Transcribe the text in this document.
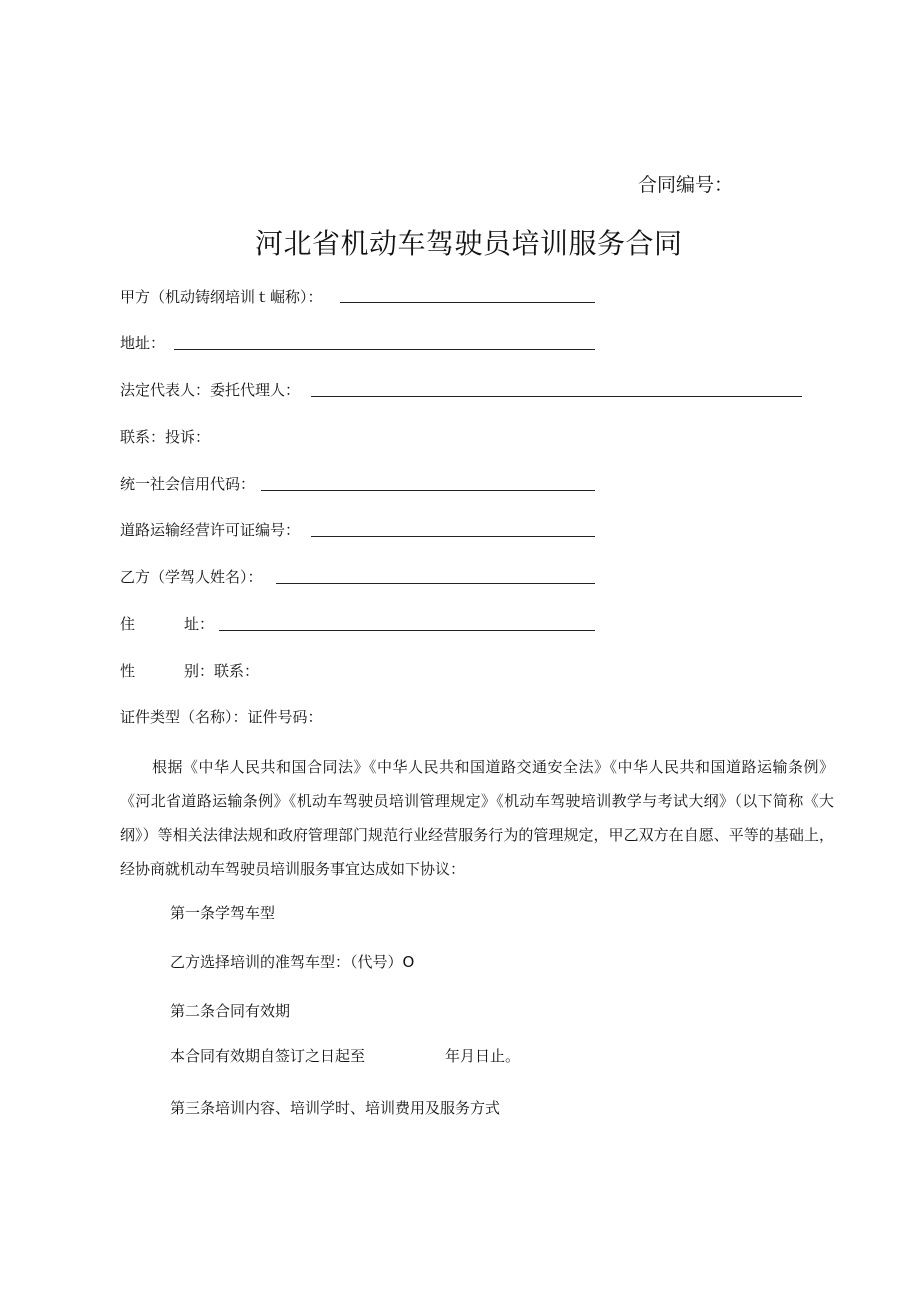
合同编号：
河北省机动车驾驶员培训服务合同
甲方（机动铸纲培训ｔ崛称）：
地址：
法定代表人：委托代理人：
联系：投诉：
统一社会信用代码：
道路运输经营许可证编号：
乙方（学驾人姓名）：
住	址：
性	别：联系：
证件类型（名称）：证件号码：
根据《中华人民共和国合同法》《中华人民共和国道路交通安全法》《中华人民共和国道路运输条例》《河北省道路运输条例》《机动车驾驶员培训管理规定》《机动车驾驶培训教学与考试大纲》（以下简称《大纲》）等相关法律法规和政府管理部门规范行业经营服务行为的管理规定，甲乙双方在自愿、平等的基础上，经协商就机动车驾驶员培训服务事宜达成如下协议：
第一条学驾车型
乙方选择培训的准驾车型：（代号）O
第二条合同有效期
本合同有效期自签订之日起至	年月日止。
第三条培训内容、培训学时、培训费用及服务方式
